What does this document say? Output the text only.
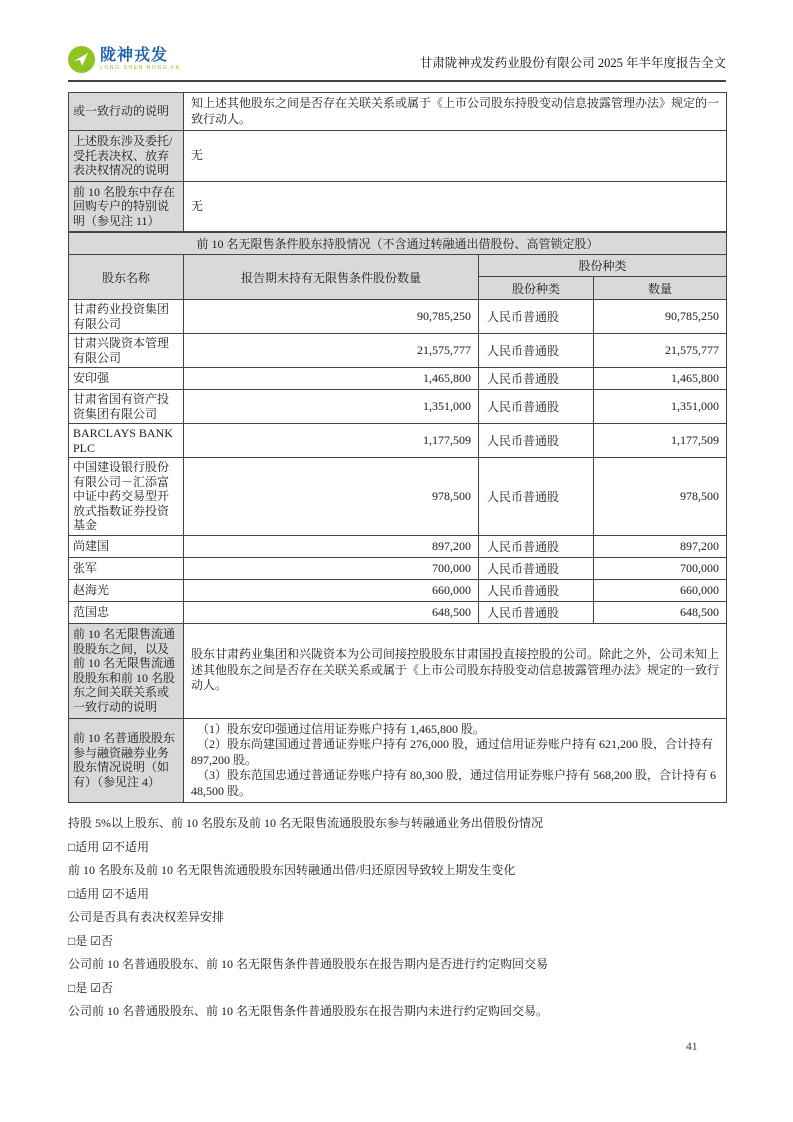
陇神戎发
LONG SHEN RONG FA	甘肃陇神戎发药业股份有限公司 2025 年半年度报告全文
或一致行动的说明	知上述其他股东之间是否存在关联关系或属于《上市公司股东持股变动信息披露管理办法》规定的一致行动人。
上述股东涉及委托/受托表决权、放弃表决权情况的说明	无
前 10 名股东中存在回购专户的特别说明（参见注 11）	无
前 10 名无限售条件股东持股情况（不含通过转融通出借股份、高管锁定股）			
股东名称	报告期末持有无限售条件股份数量	股份种类	
		股份种类	数量
甘肃药业投资集团有限公司	90,785,250	人民币普通股	90,785,250
甘肃兴陇资本管理有限公司	21,575,777	人民币普通股	21,575,777
安印强	1,465,800	人民币普通股	1,465,800
甘肃省国有资产投资集团有限公司	1,351,000	人民币普通股	1,351,000
BARCLAYS BANK PLC	1,177,509	人民币普通股	1,177,509
中国建设银行股份有限公司－汇添富中证中药交易型开放式指数证券投资基金	978,500	人民币普通股	978,500
尚建国	897,200	人民币普通股	897,200
张军	700,000	人民币普通股	700,000
赵海光	660,000	人民币普通股	660,000
范国忠	648,500	人民币普通股	648,500
前 10 名无限售流通股股东之间，以及前 10 名无限售流通股股东和前 10 名股东之间关联关系或一致行动的说明	股东甘肃药业集团和兴陇资本为公司间接控股股东甘肃国投直接控股的公司。除此之外，公司未知上述其他股东之间是否存在关联关系或属于《上市公司股东持股变动信息披露管理办法》规定的一致行动人。		
前 10 名普通股股东参与融资融券业务股东情况说明（如有）（参见注 4）	（1）股东安印强通过信用证券账户持有 1,465,800 股。
（2）股东尚建国通过普通证券账户持有 276,000 股，通过信用证券账户持有 621,200 股，合计持有 897,200 股。
（3）股东范国忠通过普通证券账户持有 80,300 股，通过信用证券账户持有 568,200 股，合计持有 648,500 股。		
持股 5%以上股东、前 10 名股东及前 10 名无限售流通股股东参与转融通业务出借股份情况
□适用 ☑不适用
前 10 名股东及前 10 名无限售流通股股东因转融通出借/归还原因导致较上期发生变化
□适用 ☑不适用
公司是否具有表决权差异安排
□是 ☑否
公司前 10 名普通股股东、前 10 名无限售条件普通股股东在报告期内是否进行约定购回交易
□是 ☑否
公司前 10 名普通股股东、前 10 名无限售条件普通股股东在报告期内未进行约定购回交易。
41
